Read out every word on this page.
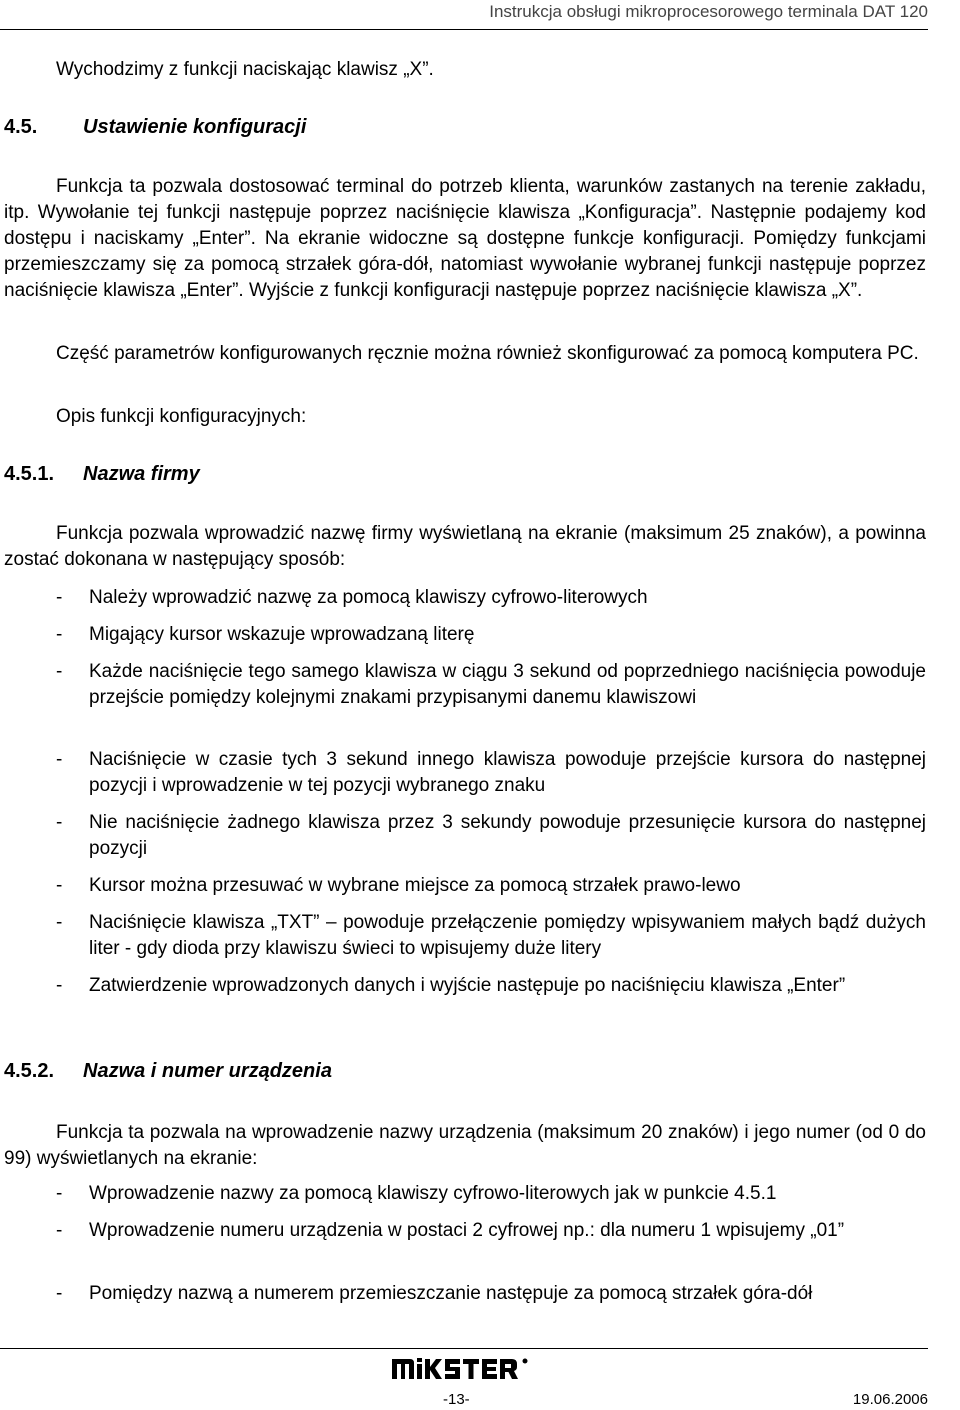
Instrukcja obsługi mikroprocesorowego terminala DAT 120

Wychodzimy z funkcji naciskając klawisz „X”.

4.5. Ustawienie konfiguracji

Funkcja ta pozwala dostosować terminal do potrzeb klienta, warunków zastanych na terenie zakładu, itp. Wywołanie tej funkcji następuje poprzez naciśnięcie klawisza „Konfiguracja”. Następnie podajemy kod dostępu i naciskamy „Enter”. Na ekranie widoczne są dostępne funkcje konfiguracji. Pomiędzy funkcjami przemieszczamy się za pomocą strzałek góra-dół, natomiast wywołanie wybranej funkcji następuje poprzez naciśnięcie klawisza „Enter”. Wyjście z funkcji konfiguracji następuje poprzez naciśnięcie klawisza „X”.

Część parametrów konfigurowanych ręcznie można również skonfigurować za pomocą komputera PC.

Opis funkcji konfiguracyjnych:

4.5.1. Nazwa firmy

Funkcja pozwala wprowadzić nazwę firmy wyświetlaną na ekranie (maksimum 25 znaków), a powinna zostać dokonana w następujący sposób:

- Należy wprowadzić nazwę za pomocą klawiszy cyfrowo-literowych
- Migający kursor wskazuje wprowadzaną literę
- Każde naciśnięcie tego samego klawisza w ciągu 3 sekund od poprzedniego naciśnięcia powoduje przejście pomiędzy kolejnymi znakami przypisanymi danemu klawiszowi
- Naciśnięcie w czasie tych 3 sekund innego klawisza powoduje przejście kursora do następnej pozycji i wprowadzenie w tej pozycji wybranego znaku
- Nie naciśnięcie żadnego klawisza przez 3 sekundy powoduje przesunięcie kursora do następnej pozycji
- Kursor można przesuwać w wybrane miejsce za pomocą strzałek prawo-lewo
- Naciśnięcie klawisza „TXT” – powoduje przełączenie pomiędzy wpisywaniem małych bądź dużych liter - gdy dioda przy klawiszu świeci to wpisujemy duże litery
- Zatwierdzenie wprowadzonych danych i wyjście następuje po naciśnięciu klawisza „Enter”
4.5.2. Nazwa i numer urządzenia

Funkcja ta pozwala na wprowadzenie nazwy urządzenia (maksimum 20 znaków) i jego numer (od 0 do 99) wyświetlanych na ekranie:

- Wprowadzenie nazwy za pomocą klawiszy cyfrowo-literowych jak w punkcie 4.5.1
- Wprowadzenie numeru urządzenia w postaci 2 cyfrowej np.: dla numeru 1 wpisujemy „01”
- Pomiędzy nazwą a numerem przemieszczanie następuje za pomocą strzałek góra-dół
-13-	19.06.2006
